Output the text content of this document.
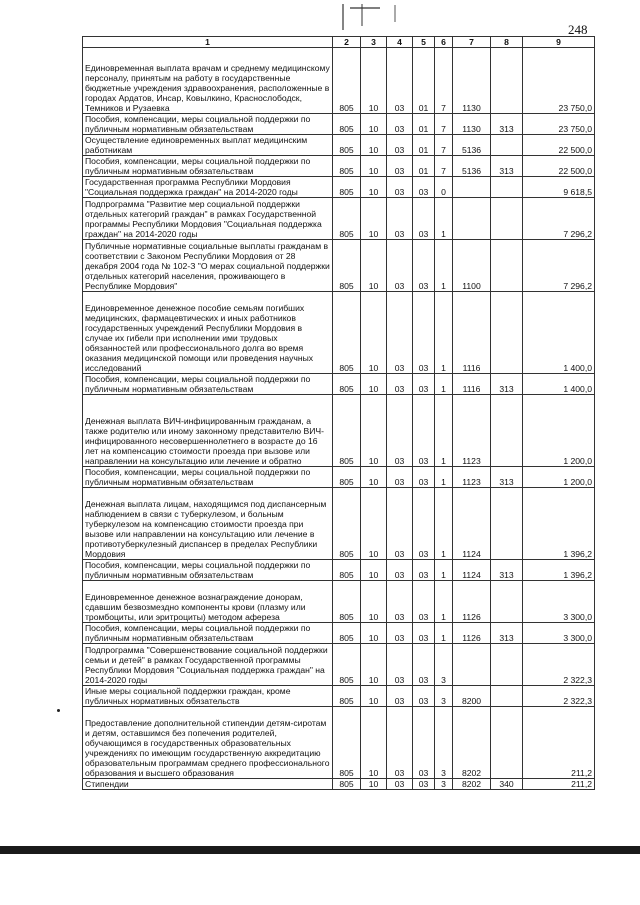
248
1	2	3	4	5	6	7	8	9
Единовременная выплата врачам и среднему медицинскому персоналу, принятым на работу в государственные бюджетные учреждения здравоохранения, расположенные в городах Ардатов, Инсар, Ковылкино, Краснослободск, Темников и Рузаевка	805	10	03	01	7	1130		23 750,0
Пособия, компенсации, меры социальной поддержки по публичным нормативным обязательствам	805	10	03	01	7	1130	313	23 750,0
Осуществление единовременных выплат медицинским работникам	805	10	03	01	7	5136		22 500,0
Пособия, компенсации, меры социальной поддержки по публичным нормативным обязательствам	805	10	03	01	7	5136	313	22 500,0
Государственная программа Республики Мордовия "Социальная поддержка граждан" на 2014-2020 годы	805	10	03	03	0			9 618,5
Подпрограмма "Развитие мер социальной поддержки отдельных категорий граждан" в рамках Государственной программы Республики Мордовия "Социальная поддержка граждан" на 2014-2020 годы	805	10	03	03	1			7 296,2
Публичные нормативные социальные выплаты гражданам в соответствии с Законом Республики Мордовия от 28 декабря 2004 года № 102-З "О мерах социальной поддержки отдельных категорий населения, проживающего в Республике Мордовия"	805	10	03	03	1	1100		7 296,2
Единовременное денежное пособие семьям погибших медицинских, фармацевтических и иных работников государственных учреждений Республики Мордовия в случае их гибели при исполнении ими трудовых обязанностей или профессионального долга во время оказания медицинской помощи или проведения научных исследований	805	10	03	03	1	1116		1 400,0
Пособия, компенсации, меры социальной поддержки по публичным нормативным обязательствам	805	10	03	03	1	1116	313	1 400,0
Денежная выплата ВИЧ-инфицированным гражданам, а также родителю или иному законному представителю ВИЧ-инфицированного несовершеннолетнего в возрасте до 16 лет на компенсацию стоимости проезда при вызове или направлении на консультацию или лечение и обратно	805	10	03	03	1	1123		1 200,0
Пособия, компенсации, меры социальной поддержки по публичным нормативным обязательствам	805	10	03	03	1	1123	313	1 200,0
Денежная выплата лицам, находящимся под диспансерным наблюдением в связи с туберкулезом, и больным туберкулезом на компенсацию стоимости проезда при вызове или направлении на консультацию или лечение в противотуберкулезный диспансер в пределах Республики Мордовия	805	10	03	03	1	1124		1 396,2
Пособия, компенсации, меры социальной поддержки по публичным нормативным обязательствам	805	10	03	03	1	1124	313	1 396,2
Единовременное денежное вознаграждение донорам, сдавшим безвозмездно компоненты крови (плазму или тромбоциты, или эритроциты) методом афереза	805	10	03	03	1	1126		3 300,0
Пособия, компенсации, меры социальной поддержки по публичным нормативным обязательствам	805	10	03	03	1	1126	313	3 300,0
Подпрограмма "Совершенствование социальной поддержки семьи и детей" в рамках Государственной программы Республики Мордовия "Социальная поддержка граждан" на 2014-2020 годы	805	10	03	03	3			2 322,3
Иные меры социальной поддержки граждан, кроме публичных нормативных обязательств	805	10	03	03	3	8200		2 322,3
Предоставление дополнительной стипендии детям-сиротам и детям, оставшимся без попечения родителей, обучающимся в государственных образовательных учреждениях по имеющим государственную аккредитацию образовательным программам среднего профессионального образования и высшего образования	805	10	03	03	3	8202		211,2
Стипендии	805	10	03	03	3	8202	340	211,2
